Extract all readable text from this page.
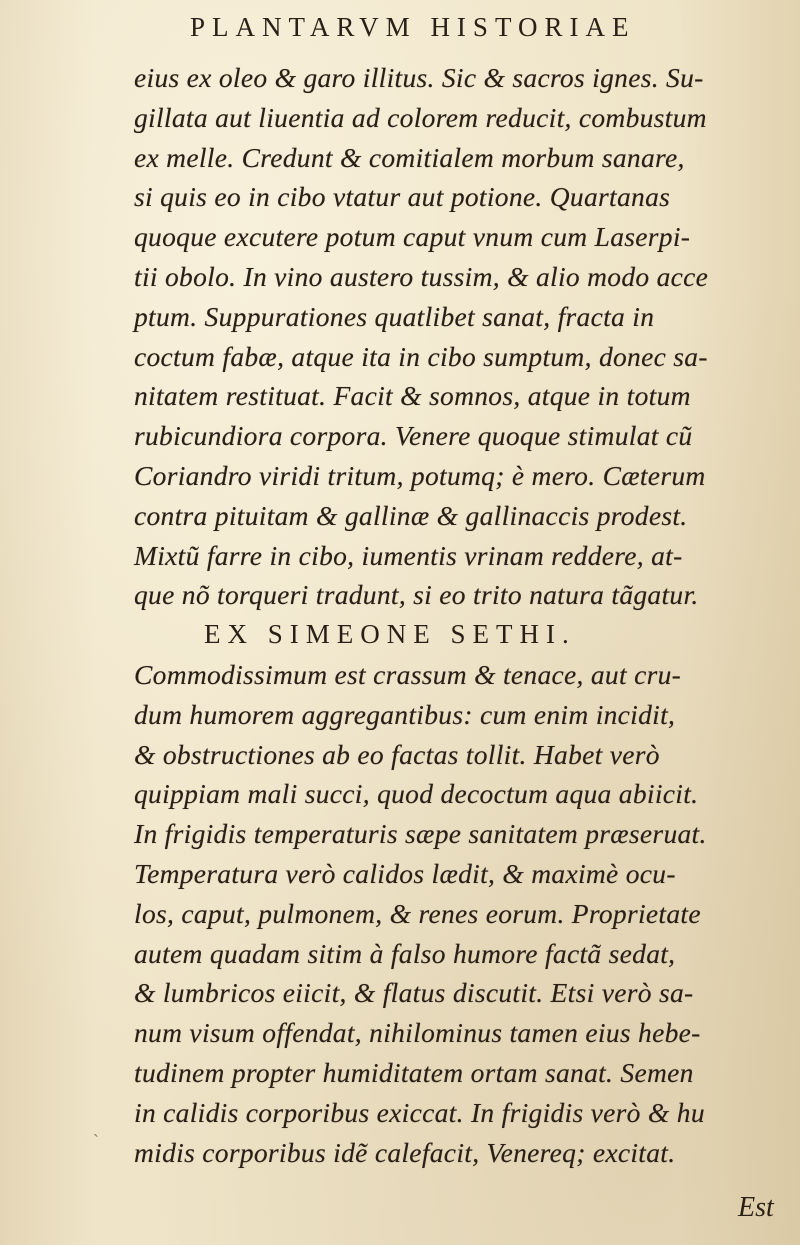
PLANTARVM HISTORIAE
eius ex oleo & garo illitus. Sic & sacros ignes. Su-
gillata aut liuentia ad colorem reducit, combustum
ex melle. Credunt & comitialem morbum sanare,
si quis eo in cibo vtatur aut potione. Quartanas
quoque excutere potum caput vnum cum Laserpi-
tii obolo. In vino austero tussim, & alio modo acce
ptum. Suppurationes quatlibet sanat, fracta in
coctum fabæ, atque ita in cibo sumptum, donec sa-
nitatem restituat. Facit & somnos, atque in totum
rubicundiora corpora. Venere quoque stimulat cũ
Coriandro viridi tritum, potumq; è mero. Cæterum
contra pituitam & gallinæ & gallinaccis prodest.
Mixtũ farre in cibo, iumentis vrinam reddere, at-
que nõ torqueri tradunt, si eo trito natura tãgatur.
EX SIMEONE SETHI.
Commodissimum est crassum & tenace, aut cru-
dum humorem aggregantibus: cum enim incidit,
& obstructiones ab eo factas tollit. Habet verò
quippiam mali succi, quod decoctum aqua abiicit.
In frigidis temperaturis sæpe sanitatem præseruat.
Temperatura verò calidos lædit, & maximè ocu-
los, caput, pulmonem, & renes eorum. Proprietate
autem quadam sitim à falso humore factã sedat,
& lumbricos eiicit, & flatus discutit. Etsi verò sa-
num visum offendat, nihilominus tamen eius hebe-
tudinem propter humiditatem ortam sanat. Semen
in calidis corporibus exiccat. In frigidis verò & hu
midis corporibus idẽ calefacit, Venereq; excitat.
`
Est
